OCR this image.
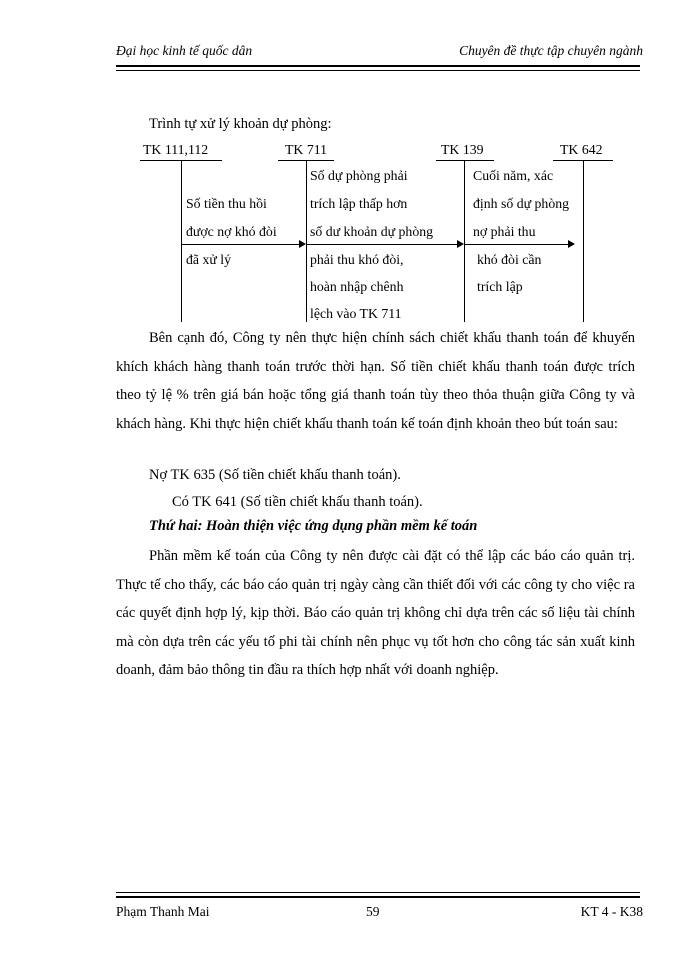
Đại học kinh tế quốc dân	Chuyên đề thực tập chuyên ngành
Trình tự xử lý khoản dự phòng:
TK 111,112	TK 711	TK 139	TK 642
Số tiền thu hồi
được nợ khó đòi
đã xử lý
Số dự phòng phải
trích lập thấp hơn
số dư khoản dự phòng
phải thu khó đòi,
hoàn nhập chênh
lệch vào TK 711
Cuối năm, xác
định số dự phòng
nợ phải thu
khó đòi cần
trích lập
Bên cạnh đó, Công ty nên thực hiện chính sách chiết khấu thanh toán để khuyến khích khách hàng thanh toán trước thời hạn. Số tiền chiết khấu thanh toán được trích theo tỷ lệ % trên giá bán hoặc tổng giá thanh toán tùy theo thỏa thuận giữa Công ty và khách hàng. Khi thực hiện chiết khấu thanh toán kế toán định khoản theo bút toán sau:
Nợ TK 635 (Số tiền chiết khấu thanh toán).
Có TK 641 (Số tiền chiết khấu thanh toán).
Thứ hai: Hoàn thiện việc ứng dụng phần mềm kế toán
Phần mềm kế toán của Công ty nên được cài đặt có thể lập các báo cáo quản trị. Thực tế cho thấy, các báo cáo quản trị ngày càng cần thiết đối với các công ty cho việc ra các quyết định hợp lý, kịp thời. Báo cáo quản trị không chỉ dựa trên các số liệu tài chính mà còn dựa trên các yếu tố phi tài chính nên phục vụ tốt hơn cho công tác sản xuất kinh doanh, đảm bảo thông tin đầu ra thích hợp nhất với doanh nghiệp.
Phạm Thanh Mai	59	KT 4 - K38
